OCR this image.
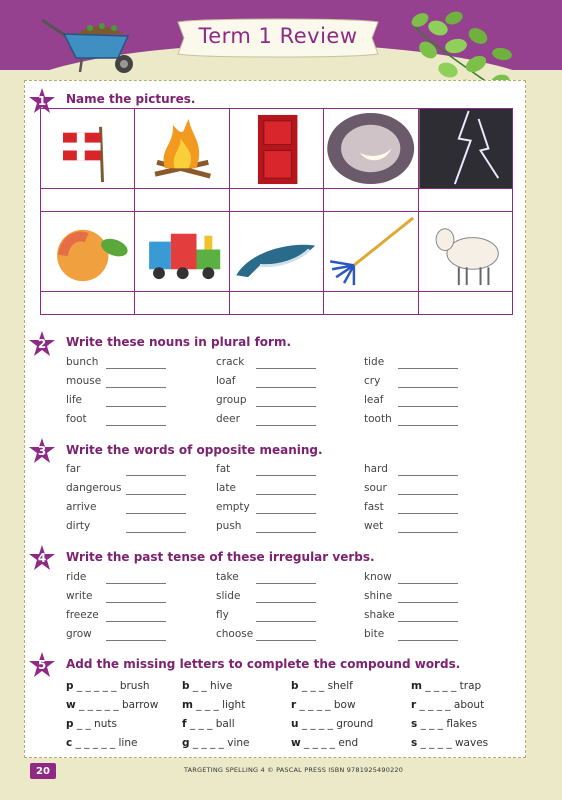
Term 1 Review
1	Name the pictures.
2	Write these nouns in plural form.
3	Write the words of opposite meaning.
4	Write the past tense of these irregular verbs.
5	Add the missing letters to complete the compound words.

bunch	crack	tide
mouse	loaf	cry
life	group	leaf
foot	deer	tooth
far	fat	hard
dangerous	late	sour
arrive	empty	fast
dirty	push	wet
ride	take	know
write	slide	shine
freeze	fly	shake
grow	choose	bite
p _ _ _ _ _ brush	b _ _ hive	b _ _ _ shelf	m _ _ _ _ trap
w _ _ _ _ _ barrow m _ _ _ light	r _ _ _ _ bow	r _ _ _ _ about
p _ _ nuts	f _ _ _ ball	u _ _ _ _ ground	s _ _ _ flakes
c _ _ _ _ _ line	g _ _ _ _ vine	w _ _ _ _ end	s _ _ _ _ waves
20	TARGETING SPELLING 4 © PASCAL PRESS ISBN 9781925490220
